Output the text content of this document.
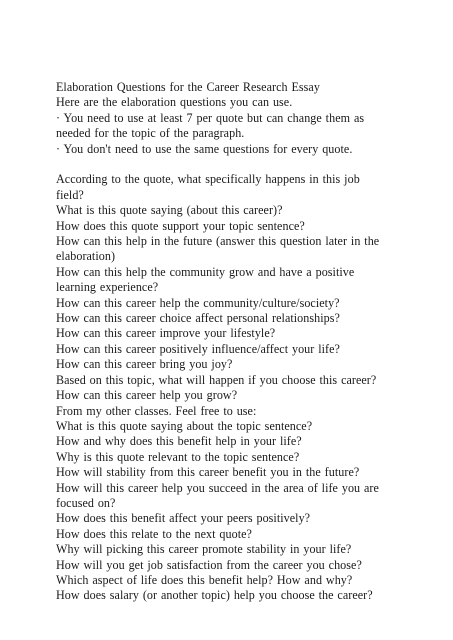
Elaboration Questions for the Career Research Essay
Here are the elaboration questions you can use.
· You need to use at least 7 per quote but can change them as
needed for the topic of the paragraph.
· You don't need to use the same questions for every quote.
According to the quote, what specifically happens in this job
field?
What is this quote saying (about this career)?
How does this quote support your topic sentence?
How can this help in the future (answer this question later in the
elaboration)
How can this help the community grow and have a positive
learning experience?
How can this career help the community/culture/society?
How can this career choice affect personal relationships?
How can this career improve your lifestyle?
How can this career positively influence/affect your life?
How can this career bring you joy?
Based on this topic, what will happen if you choose this career?
How can this career help you grow?
From my other classes. Feel free to use:
What is this quote saying about the topic sentence?
How and why does this benefit help in your life?
Why is this quote relevant to the topic sentence?
How will stability from this career benefit you in the future?
How will this career help you succeed in the area of life you are
focused on?
How does this benefit affect your peers positively?
How does this relate to the next quote?
Why will picking this career promote stability in your life?
How will you get job satisfaction from the career you chose?
Which aspect of life does this benefit help? How and why?
How does salary (or another topic) help you choose the career?
